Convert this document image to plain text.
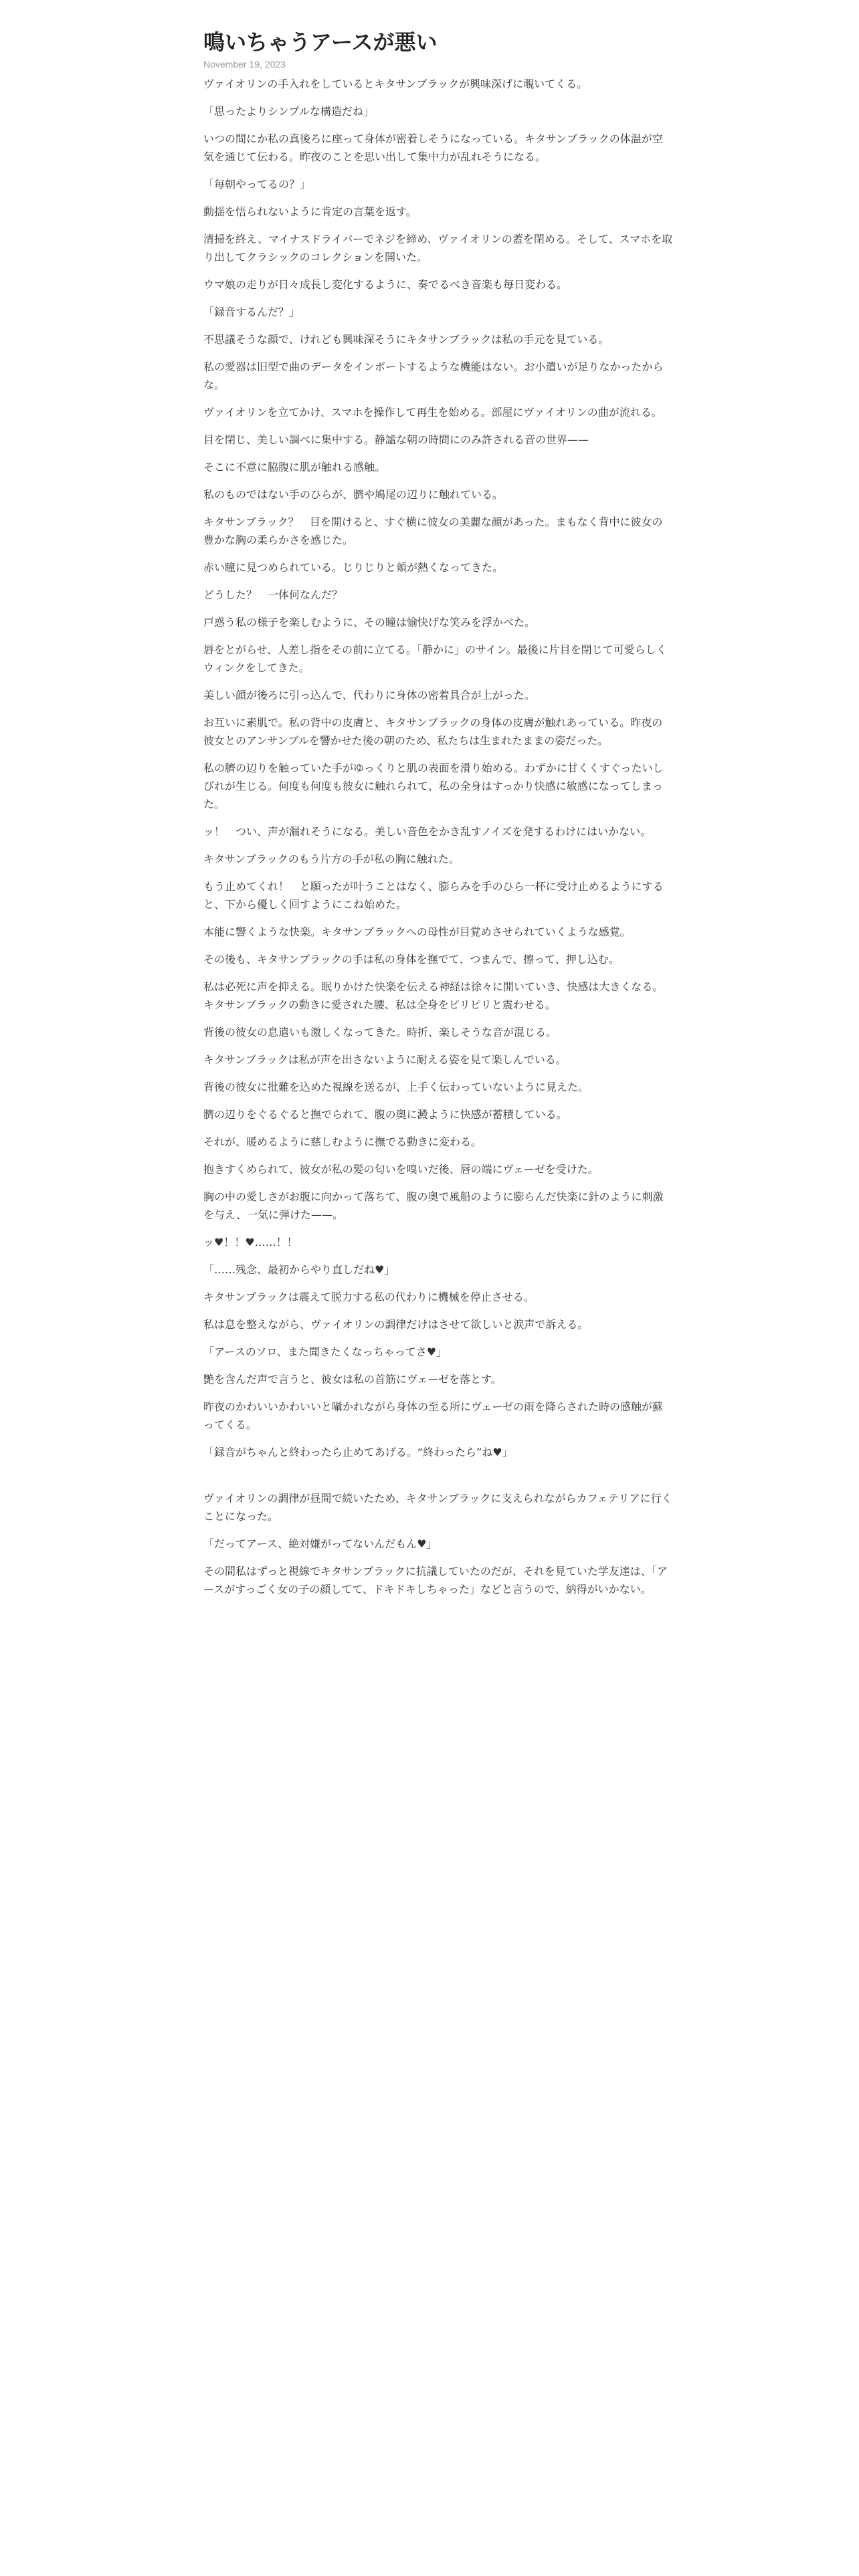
鳴いちゃうアースが悪い

November 19, 2023

ヴァイオリンの手入れをしているとキタサンブラックが興味深げに覗いてくる。

「思ったよりシンプルな構造だね」

いつの間にか私の真後ろに座って身体が密着しそうになっている。キタサンブラックの体温が空気を通じて伝わる。昨夜のことを思い出して集中力が乱れそうになる。

「毎朝やってるの？」

動揺を悟られないように肯定の言葉を返す。

清掃を終え、マイナスドライバーでネジを締め、ヴァイオリンの蓋を閉める。そして、スマホを取り出してクラシックのコレクションを開いた。

ウマ娘の走りが日々成長し変化するように、奏でるべき音楽も毎日変わる。

「録音するんだ？」

不思議そうな顔で、けれども興味深そうにキタサンブラックは私の手元を見ている。

私の愛器は旧型で曲のデータをインポートするような機能はない。お小遣いが足りなかったからな。

ヴァイオリンを立てかけ、スマホを操作して再生を始める。部屋にヴァイオリンの曲が流れる。

目を閉じ、美しい調べに集中する。静謐な朝の時間にのみ許される音の世界——

そこに不意に脇腹に肌が触れる感触。

私のものではない手のひらが、臍や鳩尾の辺りに触れている。

キタサンブラック？　目を開けると、すぐ横に彼女の美麗な顔があった。まもなく背中に彼女の豊かな胸の柔らかさを感じた。

赤い瞳に見つめられている。じりじりと頬が熱くなってきた。

どうした？　一体何なんだ？

戸惑う私の様子を楽しむように、その瞳は愉快げな笑みを浮かべた。

唇をとがらせ、人差し指をその前に立てる。「静かに」のサイン。最後に片目を閉じて可愛らしくウィンクをしてきた。

美しい顔が後ろに引っ込んで、代わりに身体の密着具合が上がった。

お互いに素肌で。私の背中の皮膚と、キタサンブラックの身体の皮膚が触れあっている。昨夜の彼女とのアンサンブルを響かせた後の朝のため、私たちは生まれたままの姿だった。

私の臍の辺りを触っていた手がゆっくりと肌の表面を滑り始める。わずかに甘くくすぐったいしびれが生じる。何度も何度も彼女に触れられて、私の全身はすっかり快感に敏感になってしまった。

ッ！　つい、声が漏れそうになる。美しい音色をかき乱すノイズを発するわけにはいかない。

キタサンブラックのもう片方の手が私の胸に触れた。

もう止めてくれ！　と願ったが叶うことはなく、膨らみを手のひら一杯に受け止めるようにすると、下から優しく回すようにこね始めた。

本能に響くような快楽。キタサンブラックへの母性が目覚めさせられていくような感覚。

その後も、キタサンブラックの手は私の身体を撫でて、つまんで、擦って、押し込む。

私は必死に声を抑える。眠りかけた快楽を伝える神経は徐々に開いていき、快感は大きくなる。キタサンブラックの動きに愛された腰、私は全身をピリピリと震わせる。

背後の彼女の息遣いも激しくなってきた。時折、楽しそうな音が混じる。

キタサンブラックは私が声を出さないように耐える姿を見て楽しんでいる。

背後の彼女に批難を込めた視線を送るが、上手く伝わっていないように見えた。

臍の辺りをぐるぐると撫でられて、腹の奥に澱ように快感が蓄積している。

それが、暖めるように慈しむように撫でる動きに変わる。

抱きすくめられて、彼女が私の髪の匂いを嗅いだ後、唇の端にヴェーゼを受けた。

胸の中の愛しさがお腹に向かって落ちて、腹の奥で風船のように膨らんだ快楽に針のように刺激を与え、一気に弾けた——。

ッ♥！！♥……！！

「……残念、最初からやり直しだね♥」

キタサンブラックは震えて脱力する私の代わりに機械を停止させる。

私は息を整えながら、ヴァイオリンの調律だけはさせて欲しいと涙声で訴える。

「アースのソロ、また聞きたくなっちゃってさ♥」

艶を含んだ声で言うと、彼女は私の首筋にヴェーゼを落とす。

昨夜のかわいいかわいいと囁かれながら身体の至る所にヴェーゼの雨を降らされた時の感触が蘇ってくる。

「録音がちゃんと終わったら止めてあげる。“終わったら”ね♥」

ヴァイオリンの調律が昼間で続いたため、キタサンブラックに支えられながらカフェテリアに行くことになった。

「だってアース、絶対嫌がってないんだもん♥」

その間私はずっと視線でキタサンブラックに抗議していたのだが、それを見ていた学友達は、「アースがすっごく女の子の顔してて、ドキドキしちゃった」などと言うので、納得がいかない。
